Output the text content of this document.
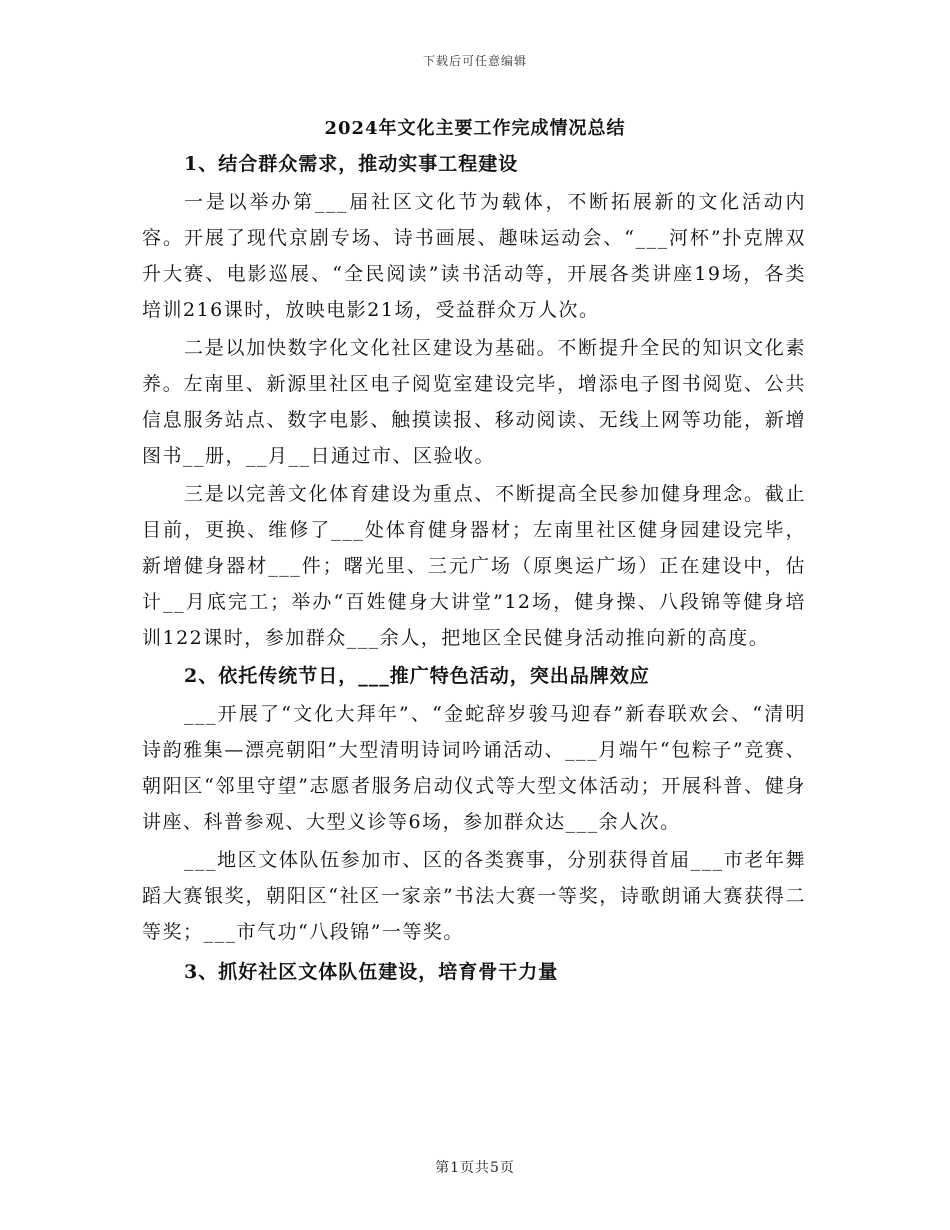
下载后可任意编辑
2024年文化主要工作完成情况总结
1、结合群众需求，推动实事工程建设

一是以举办第___届社区文化节为载体，不断拓展新的文化活动内容。开展了现代京剧专场、诗书画展、趣味运动会、“___河杯”扑克牌双升大赛、电影巡展、“全民阅读”读书活动等，开展各类讲座19场，各类培训216课时，放映电影21场，受益群众万人次。

二是以加快数字化文化社区建设为基础。不断提升全民的知识文化素养。左南里、新源里社区电子阅览室建设完毕，增添电子图书阅览、公共信息服务站点、数字电影、触摸读报、移动阅读、无线上网等功能，新增图书__册，__月__日通过市、区验收。

三是以完善文化体育建设为重点、不断提高全民参加健身理念。截止目前，更换、维修了___处体育健身器材；左南里社区健身园建设完毕，新增健身器材___件；曙光里、三元广场（原奥运广场）正在建设中，估计__月底完工；举办“百姓健身大讲堂”12场，健身操、八段锦等健身培训122课时，参加群众___余人，把地区全民健身活动推向新的高度。

2、依托传统节日，___推广特色活动，突出品牌效应

___开展了“文化大拜年”、“金蛇辞岁骏马迎春”新春联欢会、“清明诗韵雅集—漂亮朝阳”大型清明诗词吟诵活动、___月端午“包粽子”竞赛、朝阳区“邻里守望”志愿者服务启动仪式等大型文体活动；开展科普、健身讲座、科普参观、大型义诊等6场，参加群众达___余人次。

___地区文体队伍参加市、区的各类赛事，分别获得首届___市老年舞蹈大赛银奖，朝阳区“社区一家亲”书法大赛一等奖，诗歌朗诵大赛获得二等奖；___市气功“八段锦”一等奖。

3、抓好社区文体队伍建设，培育骨干力量
第1页共5页
